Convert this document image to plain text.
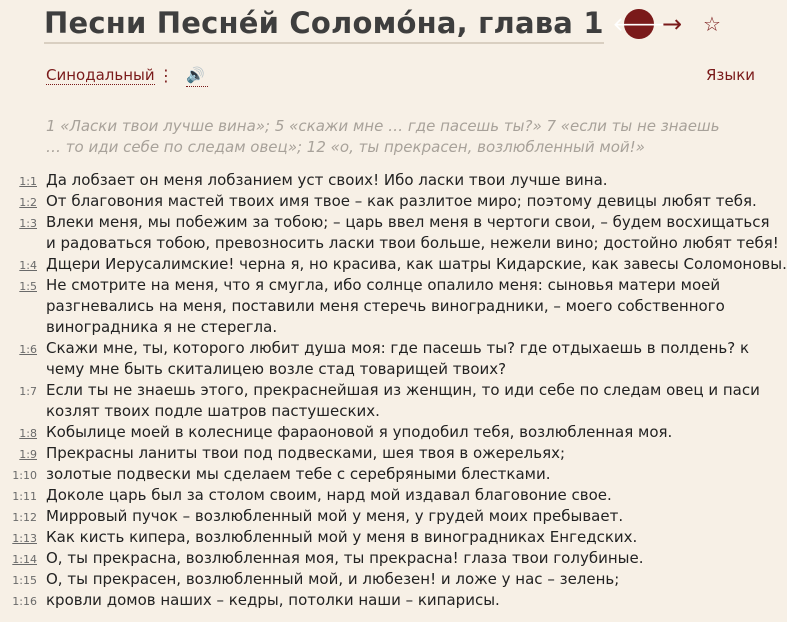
Песни Песне́й Соломо́на, глава 1 🡐
→ ☆
Синодальный ⋮ 🔊	Языки
1 «Ласки твои лучше вина»; 5 «скажи мне … где пасешь ты?» 7 «если ты не знаешь … то иди себе по следам овец»; 12 «о, ты прекрасен, возлюбленный мой!»
1:1 Да лобзает он меня лобзанием уст своих! Ибо ласки твои лучше вина.
1:2 От благовония мастей твоих имя твое – как разлитое миро; поэтому девицы любят тебя.
1:3 Влеки меня, мы побежим за тобою; – царь ввел меня в чертоги свои, – будем восхищаться
и радоваться тобою, превозносить ласки твои больше, нежели вино; достойно любят тебя!
1:4 Дщери Иерусалимские! черна я, но красива, как шатры Кидарские, как завесы Соломоновы.
1:5 Не смотрите на меня, что я смугла, ибо солнце опалило меня: сыновья матери моей
разгневались на меня, поставили меня стеречь виноградники, – моего собственного
виноградника я не стерегла.
1:6 Скажи мне, ты, которого любит душа моя: где пасешь ты? где отдыхаешь в полдень? к
чему мне быть скиталицею возле стад товарищей твоих?
1:7 Если ты не знаешь этого, прекраснейшая из женщин, то иди себе по следам овец и паси
козлят твоих подле шатров пастушеских.
1:8 Кобылице моей в колеснице фараоновой я уподобил тебя, возлюбленная моя.
1:9 Прекрасны ланиты твои под подвесками, шея твоя в ожерельях;
1:10 золотые подвески мы сделаем тебе с серебряными блестками.
1:11 Доколе царь был за столом своим, нард мой издавал благовоние свое.
1:12 Мирровый пучок – возлюбленный мой у меня, у грудей моих пребывает.
1:13 Как кисть кипера, возлюбленный мой у меня в виноградниках Енгедских.
1:14 О, ты прекрасна, возлюбленная моя, ты прекрасна! глаза твои голубиные.
1:15 О, ты прекрасен, возлюбленный мой, и любезен! и ложе у нас – зелень;
1:16 кровли домов наших – кедры, потолки наши – кипарисы.
